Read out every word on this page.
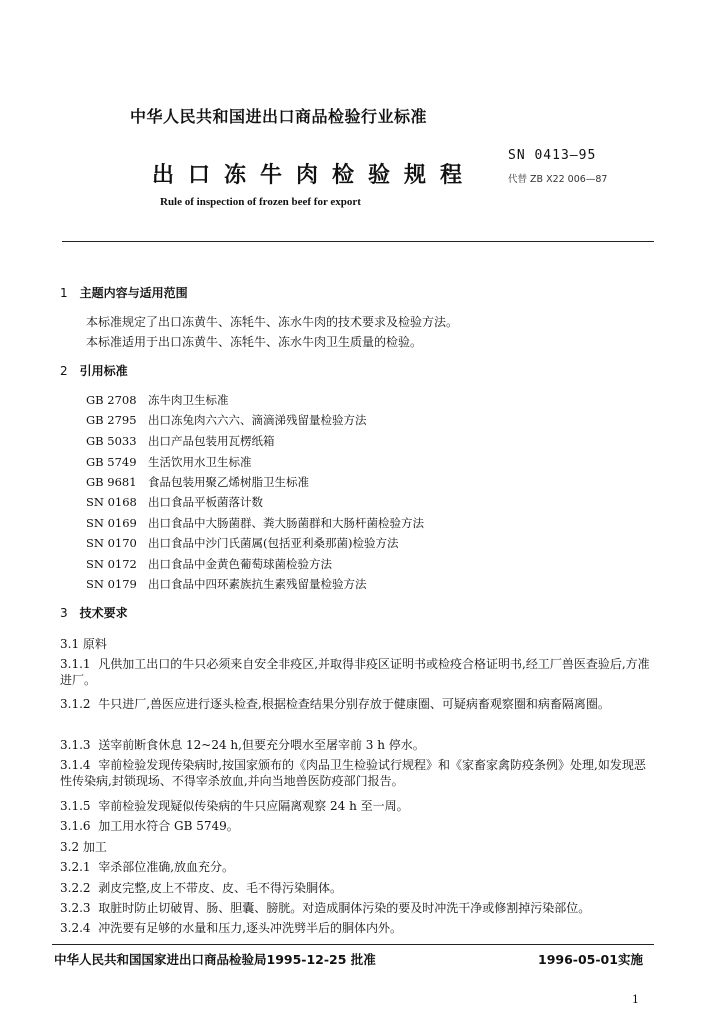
中华人民共和国进出口商品检验行业标准
出口冻牛肉检验规程
Rule of inspection of frozen beef for export
SN 0413—95
代替 ZB X22 006—87
1 主题内容与适用范围
本标准规定了出口冻黄牛、冻牦牛、冻水牛肉的技术要求及检验方法。
本标准适用于出口冻黄牛、冻牦牛、冻水牛肉卫生质量的检验。
2 引用标准
GB 2708 冻牛肉卫生标准
GB 2795 出口冻兔肉六六六、滴滴涕残留量检验方法
GB 5033 出口产品包装用瓦楞纸箱
GB 5749 生活饮用水卫生标准
GB 9681 食品包装用聚乙烯树脂卫生标准
SN 0168 出口食品平板菌落计数
SN 0169 出口食品中大肠菌群、粪大肠菌群和大肠杆菌检验方法
SN 0170 出口食品中沙门氏菌属(包括亚利桑那菌)检验方法
SN 0172 出口食品中金黄色葡萄球菌检验方法
SN 0179 出口食品中四环素族抗生素残留量检验方法
3 技术要求
3.1 原料
3.1.1 凡供加工出口的牛只必须来自安全非疫区,并取得非疫区证明书或检疫合格证明书,经工厂兽医查验后,方准进厂。
3.1.2 牛只进厂,兽医应进行逐头检查,根据检查结果分别存放于健康圈、可疑病畜观察圈和病畜隔离圈。
3.1.3 送宰前断食休息 12~24 h,但要充分喂水至屠宰前 3 h 停水。
3.1.4 宰前检验发现传染病时,按国家颁布的《肉品卫生检验试行规程》和《家畜家禽防疫条例》处理,如发现恶性传染病,封锁现场、不得宰杀放血,并向当地兽医防疫部门报告。
3.1.5 宰前检验发现疑似传染病的牛只应隔离观察 24 h 至一周。
3.1.6 加工用水符合 GB 5749。
3.2 加工
3.2.1 宰杀部位准确,放血充分。
3.2.2 剥皮完整,皮上不带皮、皮、毛不得污染胴体。
3.2.3 取脏时防止切破胃、肠、胆囊、膀胱。对造成胴体污染的要及时冲洗干净或修割掉污染部位。
3.2.4 冲洗要有足够的水量和压力,逐头冲洗劈半后的胴体内外。
中华人民共和国国家进出口商品检验局1995-12-25 批准	1996-05-01实施
1
